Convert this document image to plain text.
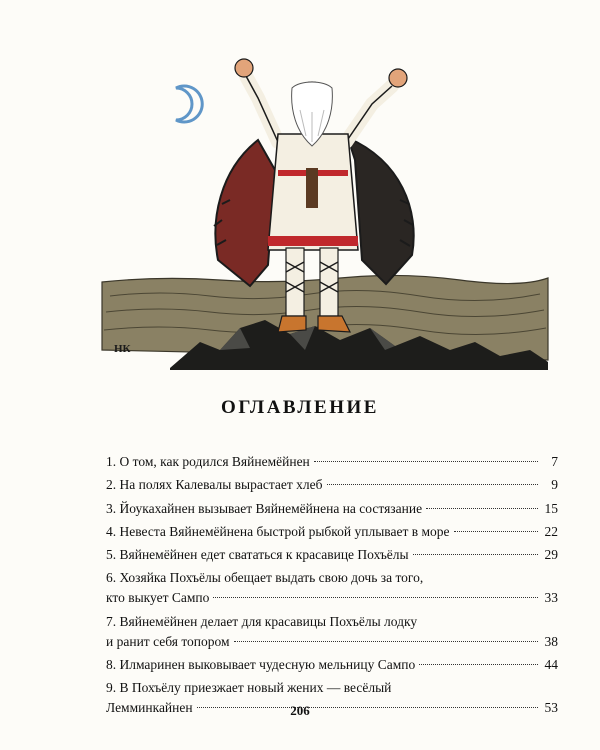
НК
ОГЛАВЛЕНИЕ
1. О том, как родился Вяйнемёйнен	7
2. На полях Калевалы вырастает хлеб	9
3. Йоукахайнен вызывает Вяйнемёйнена на состязание	15
4. Невеста Вяйнемёйнена быстрой рыбкой уплывает в море	22
5. Вяйнемёйнен едет свататься к красавице Похъёлы	29
6. Хозяйка Похъёлы обещает выдать свою дочь за того,
кто выкует Сампо	33
7. Вяйнемёйнен делает для красавицы Похъёлы лодку
и ранит себя топором	38
8. Илмаринен выковывает чудесную мельницу Сампо	44
9. В Похъёлу приезжает новый жених — весёлый
Лемминкайнен	53
206
